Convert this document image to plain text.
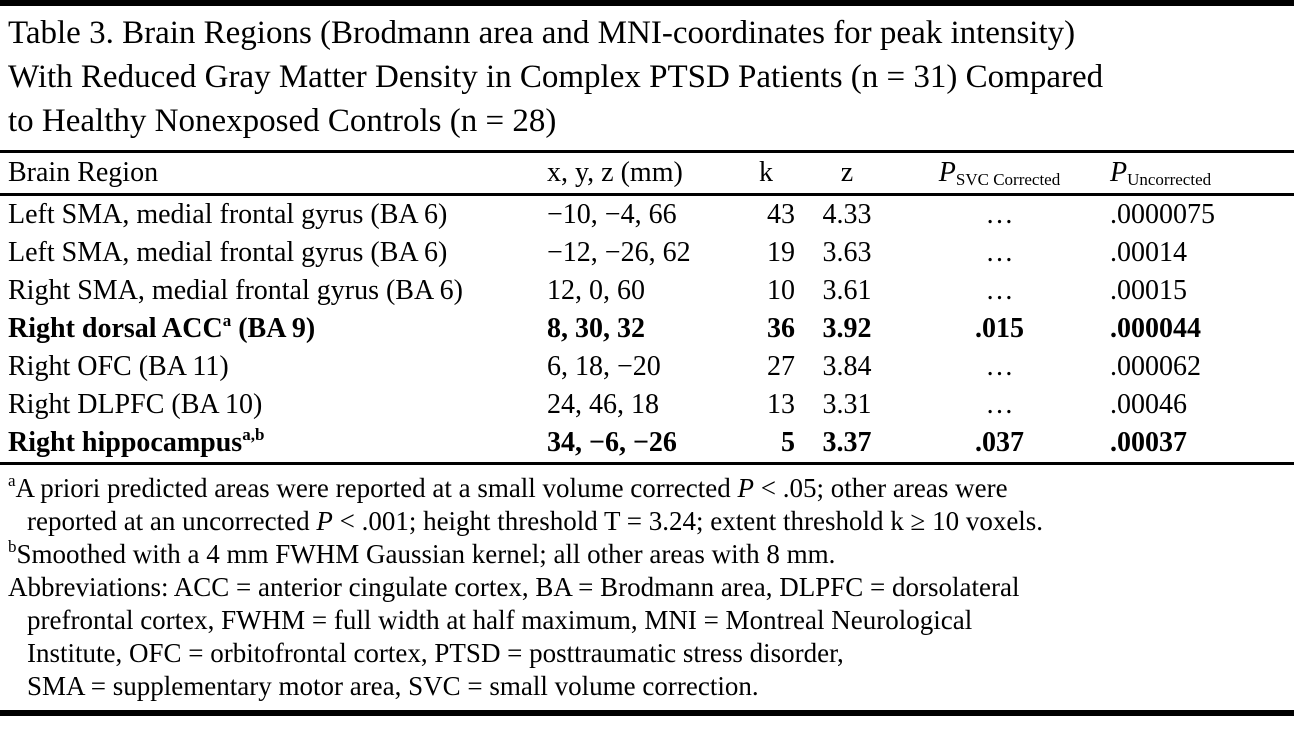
Table 3. Brain Regions (Brodmann area and MNI-coordinates for peak intensity)
With Reduced Gray Matter Density in Complex PTSD Patients (n = 31) Compared
to Healthy Nonexposed Controls (n = 28)
Brain Region	x, y, z (mm)	k	z	$P_{SVC Corrected}$	$P_{Uncorrected}$
Left SMA, medial frontal gyrus (BA 6)	−10, −4, 66	43	4.33	…	.0000075
Left SMA, medial frontal gyrus (BA 6)	−12, −26, 62	19	3.63	…	.00014
Right SMA, medial frontal gyrus (BA 6)	12, 0, 60	10	3.61	…	.00015
Right dorsal ACC$^a$ (BA 9)	8, 30, 32	36	3.92	.015	.000044
Right OFC (BA 11)	6, 18, −20	27	3.84	…	.000062
Right DLPFC (BA 10)	24, 46, 18	13	3.31	…	.00046
Right hippocampus$^{a,b}$	34, −6, −26	5	3.37	.037	.00037
$^a$A priori predicted areas were reported at a small volume corrected P < .05; other areas were
reported at an uncorrected P < .001; height threshold T = 3.24; extent threshold k ≥ 10 voxels.
$^b$Smoothed with a 4 mm FWHM Gaussian kernel; all other areas with 8 mm.
Abbreviations: ACC = anterior cingulate cortex, BA = Brodmann area, DLPFC = dorsolateral
prefrontal cortex, FWHM = full width at half maximum, MNI = Montreal Neurological
Institute, OFC = orbitofrontal cortex, PTSD = posttraumatic stress disorder,
SMA = supplementary motor area, SVC = small volume correction.
